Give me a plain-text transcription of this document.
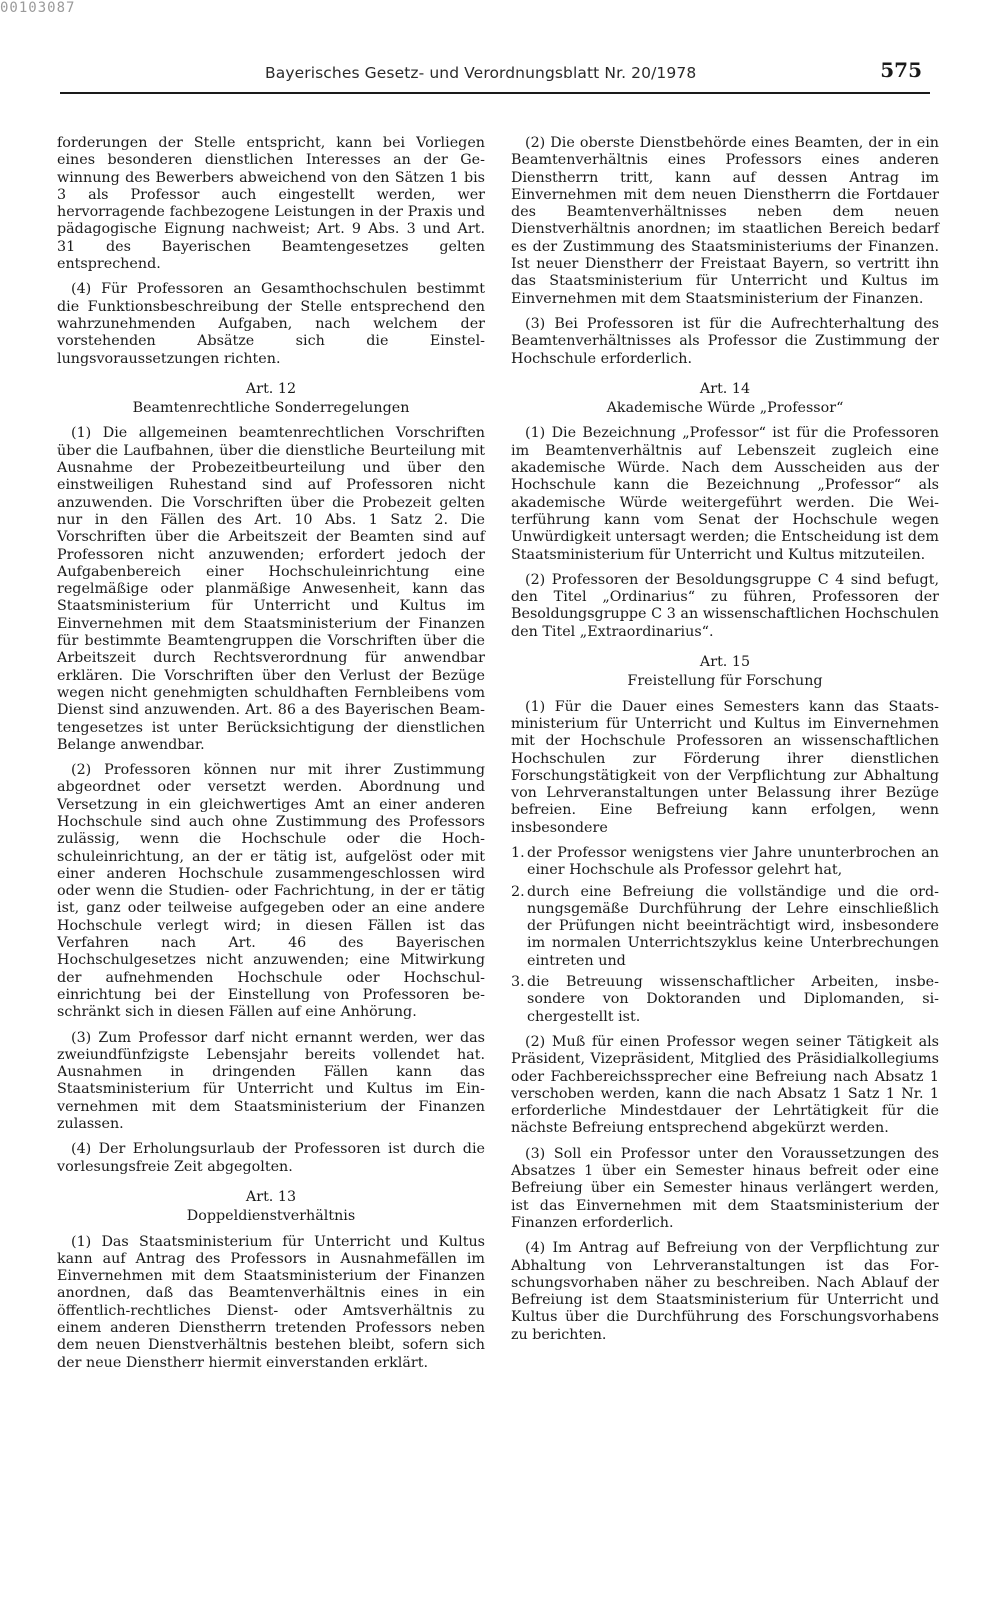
00103087
Bayerisches Gesetz- und Verordnungsblatt Nr. 20/1978	575

forderungen der Stelle entspricht, kann bei Vorliegen eines besonderen dienstlichen Interesses an der Gewinnung des Bewerbers abweichend von den Sätzen 1 bis 3 als Professor auch eingestellt werden, wer hervorragende fachbezogene Leistungen in der Praxis und pädagogische Eignung nachweist; Art. 9 Abs. 3 und Art. 31 des Bayerischen Beamtengesetzes gelten entsprechend.

(4) Für Professoren an Gesamthochschulen bestimmt die Funktionsbeschreibung der Stelle entsprechend den wahrzunehmenden Aufgaben, nach welchem der vorstehenden Absätze sich die Einstellungsvoraussetzungen richten.

Art. 12
Beamtenrechtliche Sonderregelungen

(1) Die allgemeinen beamtenrechtlichen Vorschriften über die Laufbahnen, über die dienstliche Beurteilung mit Ausnahme der Probezeitbeurteilung und über den einstweiligen Ruhestand sind auf Professoren nicht anzuwenden. Die Vorschriften über die Probezeit gelten nur in den Fällen des Art. 10 Abs. 1 Satz 2. Die Vorschriften über die Arbeitszeit der Beamten sind auf Professoren nicht anzuwenden; erfordert jedoch der Aufgabenbereich einer Hochschuleinrichtung eine regelmäßige oder planmäßige Anwesenheit, kann das Staatsministerium für Unterricht und Kultus im Einvernehmen mit dem Staatsministerium der Finanzen für bestimmte Beamtengruppen die Vorschriften über die Arbeitszeit durch Rechtsverordnung für anwendbar erklären. Die Vorschriften über den Verlust der Bezüge wegen nicht genehmigten schuldhaften Fernbleibens vom Dienst sind anzuwenden. Art. 86 a des Bayerischen Beamtengesetzes ist unter Berücksichtigung der dienstlichen Belange anwendbar.

(2) Professoren können nur mit ihrer Zustimmung abgeordnet oder versetzt werden. Abordnung und Versetzung in ein gleichwertiges Amt an einer anderen Hochschule sind auch ohne Zustimmung des Professors zulässig, wenn die Hochschule oder die Hochschuleinrichtung, an der er tätig ist, aufgelöst oder mit einer anderen Hochschule zusammengeschlossen wird oder wenn die Studien- oder Fachrichtung, in der er tätig ist, ganz oder teilweise aufgegeben oder an eine andere Hochschule verlegt wird; in diesen Fällen ist das Verfahren nach Art. 46 des Bayerischen Hochschulgesetzes nicht anzuwenden; eine Mitwirkung der aufnehmenden Hochschule oder Hochschuleinrichtung bei der Einstellung von Professoren beschränkt sich in diesen Fällen auf eine Anhörung.

(3) Zum Professor darf nicht ernannt werden, wer das zweiundfünfzigste Lebensjahr bereits vollendet hat. Ausnahmen in dringenden Fällen kann das Staatsministerium für Unterricht und Kultus im Einvernehmen mit dem Staatsministerium der Finanzen zulassen.

(4) Der Erholungsurlaub der Professoren ist durch die vorlesungsfreie Zeit abgegolten.

Art. 13
Doppeldienstverhältnis

(1) Das Staatsministerium für Unterricht und Kultus kann auf Antrag des Professors in Ausnahmefällen im Einvernehmen mit dem Staatsministerium der Finanzen anordnen, daß das Beamtenverhältnis eines in ein öffentlich-rechtliches Dienst- oder Amtsverhältnis zu einem anderen Dienstherrn tretenden Professors neben dem neuen Dienstverhältnis bestehen bleibt, sofern sich der neue Dienstherr hiermit einverstanden erklärt.

(2) Die oberste Dienstbehörde eines Beamten, der in ein Beamtenverhältnis eines Professors eines anderen Dienstherrn tritt, kann auf dessen Antrag im Einvernehmen mit dem neuen Dienstherrn die Fortdauer des Beamtenverhältnisses neben dem neuen Dienstverhältnis anordnen; im staatlichen Bereich bedarf es der Zustimmung des Staatsministeriums der Finanzen. Ist neuer Dienstherr der Freistaat Bayern, so vertritt ihn das Staatsministerium für Unterricht und Kultus im Einvernehmen mit dem Staatsministerium der Finanzen.

(3) Bei Professoren ist für die Aufrechterhaltung des Beamtenverhältnisses als Professor die Zustimmung der Hochschule erforderlich.

Art. 14
Akademische Würde „Professor“

(1) Die Bezeichnung „Professor“ ist für die Professoren im Beamtenverhältnis auf Lebenszeit zugleich eine akademische Würde. Nach dem Ausscheiden aus der Hochschule kann die Bezeichnung „Professor“ als akademische Würde weitergeführt werden. Die Weiterführung kann vom Senat der Hochschule wegen Unwürdigkeit untersagt werden; die Entscheidung ist dem Staatsministerium für Unterricht und Kultus mitzuteilen.

(2) Professoren der Besoldungsgruppe C 4 sind befugt, den Titel „Ordinarius“ zu führen, Professoren der Besoldungsgruppe C 3 an wissenschaftlichen Hochschulen den Titel „Extraordinarius“.

Art. 15
Freistellung für Forschung

(1) Für die Dauer eines Semesters kann das Staatsministerium für Unterricht und Kultus im Einvernehmen mit der Hochschule Professoren an wissenschaftlichen Hochschulen zur Förderung ihrer dienstlichen Forschungstätigkeit von der Verpflichtung zur Abhaltung von Lehrveranstaltungen unter Belassung ihrer Bezüge befreien. Eine Befreiung kann erfolgen, wenn insbesondere

1. der Professor wenigstens vier Jahre ununterbrochen an einer Hochschule als Professor gelehrt hat,
2. durch eine Befreiung die vollständige und die ordnungsgemäße Durchführung der Lehre einschließlich der Prüfungen nicht beeinträchtigt wird, insbesondere im normalen Unterrichtszyklus keine Unterbrechungen eintreten und
3. die Betreuung wissenschaftlicher Arbeiten, insbesondere von Doktoranden und Diplomanden, sichergestellt ist.

(2) Muß für einen Professor wegen seiner Tätigkeit als Präsident, Vizepräsident, Mitglied des Präsidialkollegiums oder Fachbereichssprecher eine Befreiung nach Absatz 1 verschoben werden, kann die nach Absatz 1 Satz 1 Nr. 1 erforderliche Mindestdauer der Lehrtätigkeit für die nächste Befreiung entsprechend abgekürzt werden.

(3) Soll ein Professor unter den Voraussetzungen des Absatzes 1 über ein Semester hinaus befreit oder eine Befreiung über ein Semester hinaus verlängert werden, ist das Einvernehmen mit dem Staatsministerium der Finanzen erforderlich.

(4) Im Antrag auf Befreiung von der Verpflichtung zur Abhaltung von Lehrveranstaltungen ist das Forschungsvorhaben näher zu beschreiben. Nach Ablauf der Befreiung ist dem Staatsministerium für Unterricht und Kultus über die Durchführung des Forschungsvorhabens zu berichten.
